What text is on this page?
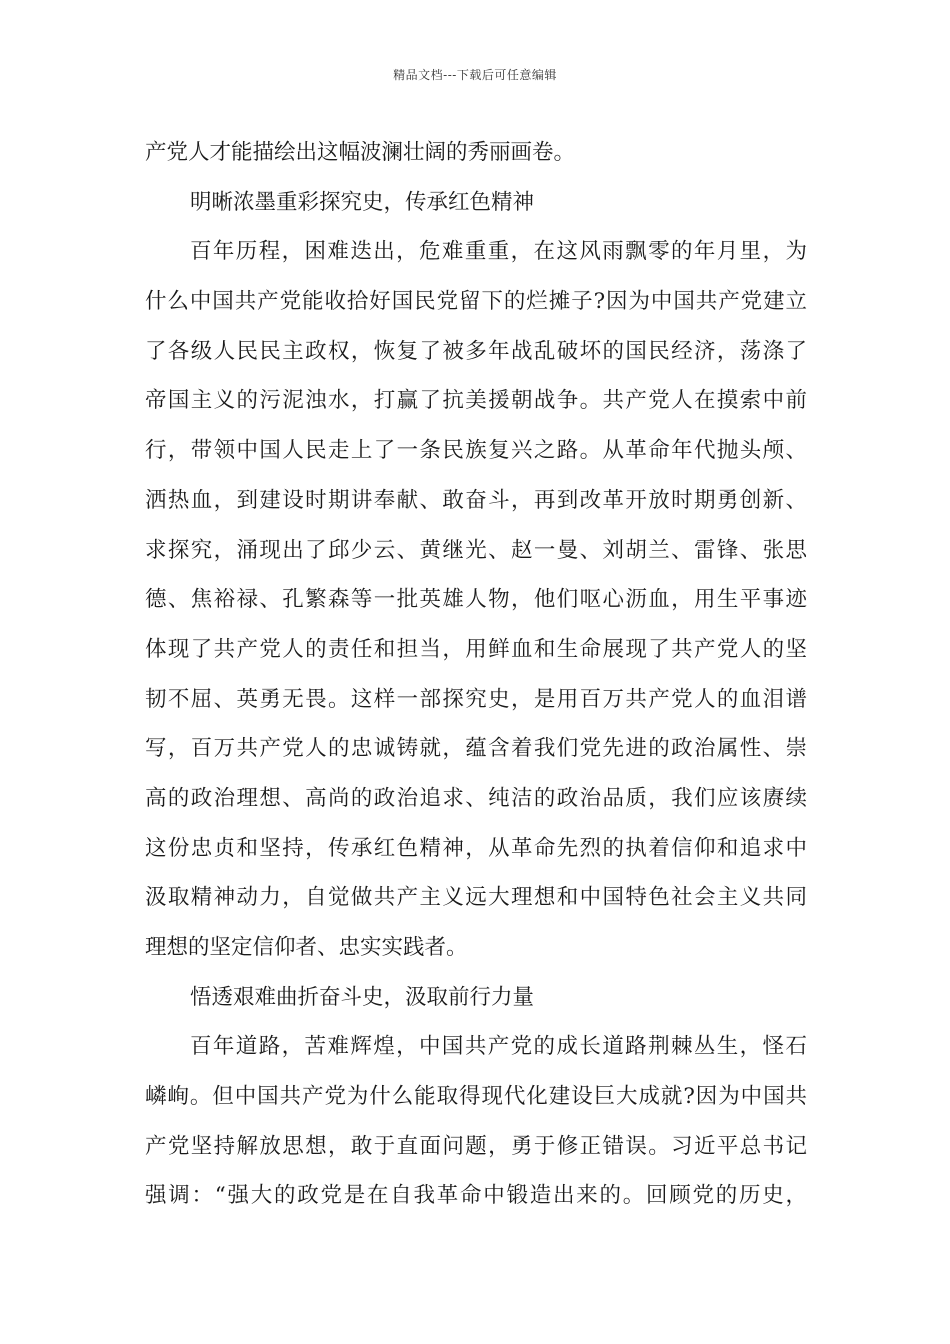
精品文档---下载后可任意编辑
产党人才能描绘出这幅波澜壮阔的秀丽画卷。
明晰浓墨重彩探究史，传承红色精神
百年历程，困难迭出，危难重重，在这风雨飘零的年月里，为
什么中国共产党能收拾好国民党留下的烂摊子?因为中国共产党建立
了各级人民民主政权，恢复了被多年战乱破坏的国民经济，荡涤了
帝国主义的污泥浊水，打赢了抗美援朝战争。共产党人在摸索中前
行，带领中国人民走上了一条民族复兴之路。从革命年代抛头颅、
洒热血，到建设时期讲奉献、敢奋斗，再到改革开放时期勇创新、
求探究，涌现出了邱少云、黄继光、赵一曼、刘胡兰、雷锋、张思
德、焦裕禄、孔繁森等一批英雄人物，他们呕心沥血，用生平事迹
体现了共产党人的责任和担当，用鲜血和生命展现了共产党人的坚
韧不屈、英勇无畏。这样一部探究史，是用百万共产党人的血泪谱
写，百万共产党人的忠诚铸就，蕴含着我们党先进的政治属性、崇
高的政治理想、高尚的政治追求、纯洁的政治品质，我们应该赓续
这份忠贞和坚持，传承红色精神，从革命先烈的执着信仰和追求中
汲取精神动力，自觉做共产主义远大理想和中国特色社会主义共同
理想的坚定信仰者、忠实实践者。
悟透艰难曲折奋斗史，汲取前行力量
百年道路，苦难辉煌，中国共产党的成长道路荆棘丛生，怪石
嶙峋。但中国共产党为什么能取得现代化建设巨大成就?因为中国共
产党坚持解放思想，敢于直面问题，勇于修正错误。习近平总书记
强调：“强大的政党是在自我革命中锻造出来的。回顾党的历史，
